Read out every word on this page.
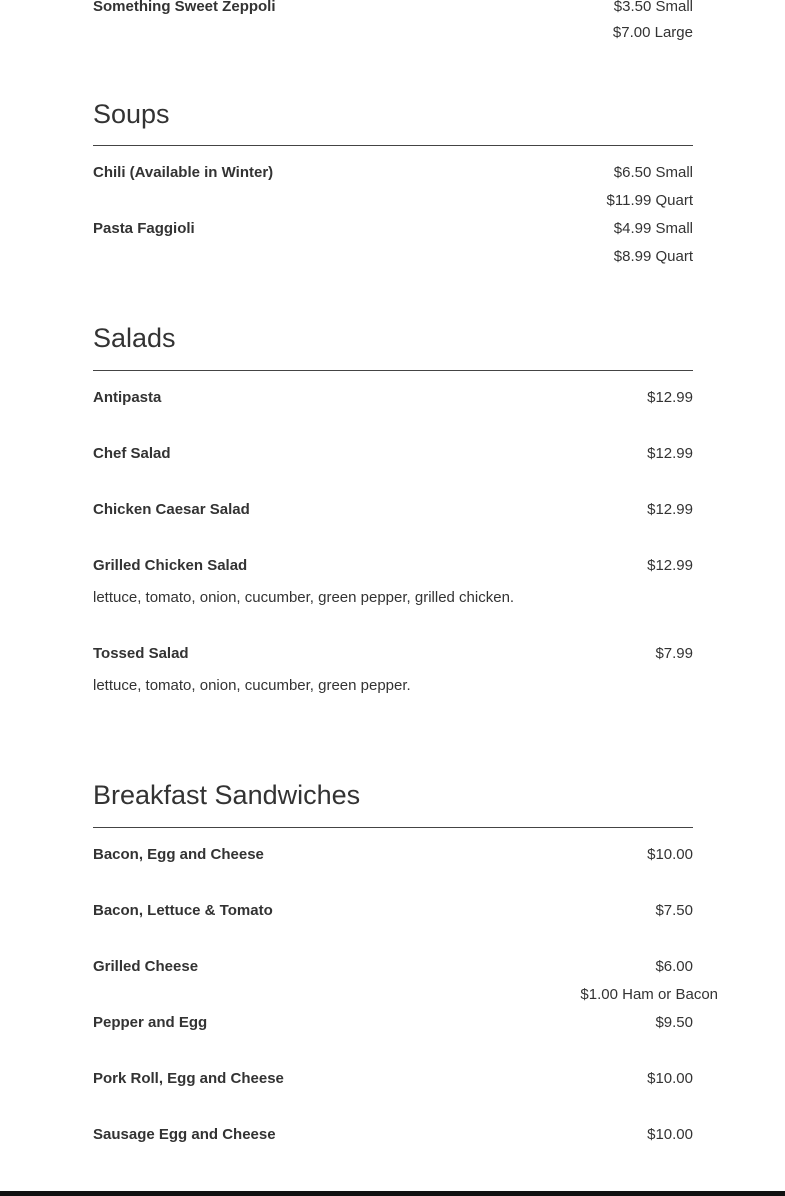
Something Sweet Zeppoli	$3.50 Small
$7.00 Large
Soups
Chili (Available in Winter)	$6.50 Small
$11.99 Quart
Pasta Faggioli	$4.99 Small
$8.99 Quart
Salads
Antipasta	$12.99
Chef Salad	$12.99
Chicken Caesar Salad	$12.99
Grilled Chicken Salad	$12.99
lettuce, tomato, onion, cucumber, green pepper, grilled chicken.
Tossed Salad	$7.99
lettuce, tomato, onion, cucumber, green pepper.
Breakfast Sandwiches
Bacon, Egg and Cheese	$10.00
Bacon, Lettuce & Tomato	$7.50
Grilled Cheese	$6.00
$1.00 Ham or Bacon
Pepper and Egg	$9.50
Pork Roll, Egg and Cheese	$10.00
Sausage Egg and Cheese	$10.00
